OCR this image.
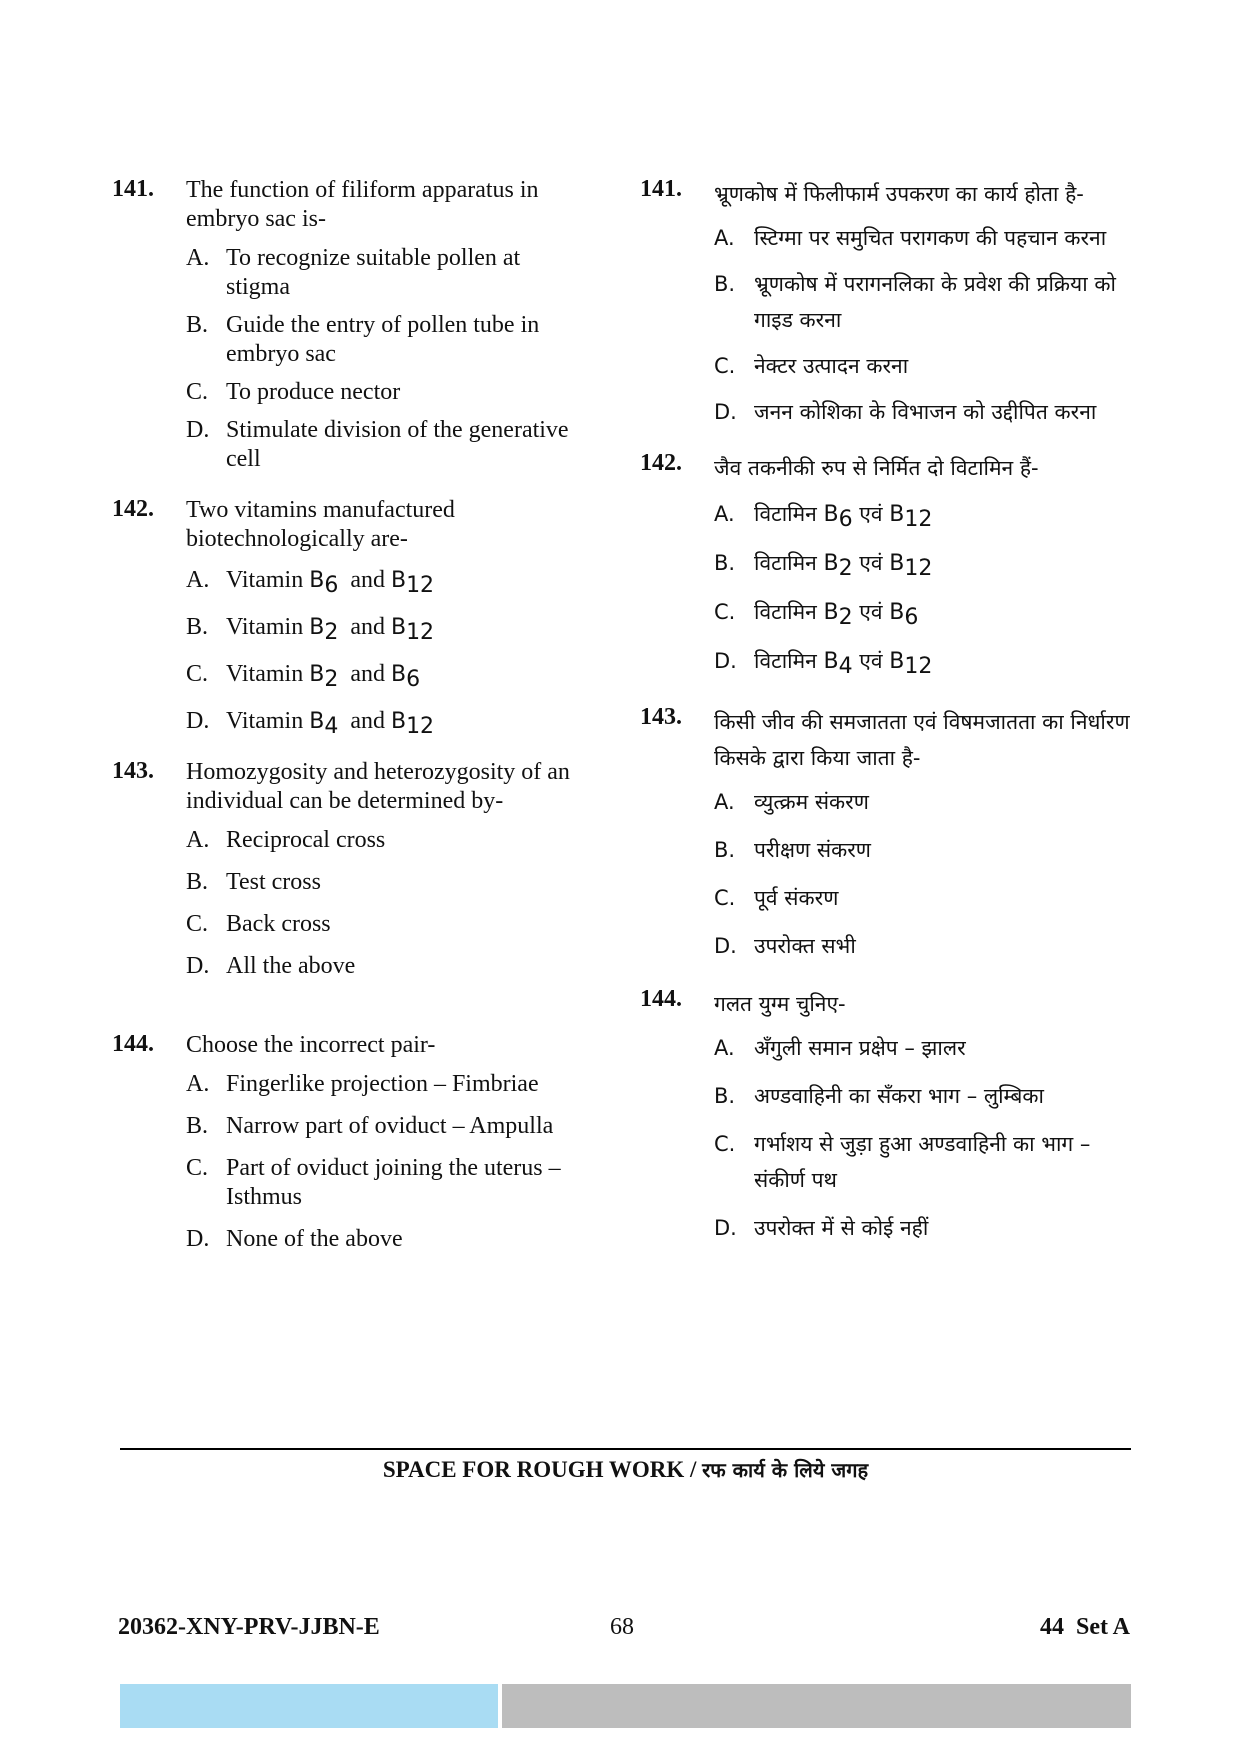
141. The function of filiform apparatus in embryo sac is-
A. To recognize suitable pollen at stigma
B. Guide the entry of pollen tube in embryo sac
C. To produce nector
D. Stimulate division of the generative cell
142. Two vitamins manufactured biotechnologically are-
A. Vitamin $B_6$ and $B_{12}$
B. Vitamin $B_2$ and $B_{12}$
C. Vitamin $B_2$ and $B_6$
D. Vitamin $B_4$ and $B_{12}$
143. Homozygosity and heterozygosity of an individual can be determined by-
A. Reciprocal cross
B. Test cross
C. Back cross
D. All the above
144. Choose the incorrect pair-
A. Fingerlike projection – Fimbriae
B. Narrow part of oviduct – Ampulla
C. Part of oviduct joining the uterus – Isthmus
D. None of the above
141. भ्रूणकोष में फिलीफार्म उपकरण का कार्य होता है-
A. स्टिग्मा पर समुचित परागकण की पहचान करना
B. भ्रूणकोष में परागनलिका के प्रवेश की प्रक्रिया को गाइड करना
C. नेक्टर उत्पादन करना
D. जनन कोशिका के विभाजन को उद्दीपित करना
142. जैव तकनीकी रुप से निर्मित दो विटामिन हैं-
A. विटामिन $B_6$ एवं $B_{12}$
B. विटामिन $B_2$ एवं $B_{12}$
C. विटामिन $B_2$ एवं $B_6$
D. विटामिन $B_4$ एवं $B_{12}$
143. किसी जीव की समजातता एवं विषमजातता का निर्धारण किसके द्वारा किया जाता है-
A. व्युत्क्रम संकरण
B. परीक्षण संकरण
C. पूर्व संकरण
D. उपरोक्त सभी
144. गलत युग्म चुनिए-
A. अँगुली समान प्रक्षेप – झालर
B. अण्डवाहिनी का सँकरा भाग – लुम्बिका
C. गर्भाशय से जुड़ा हुआ अण्डवाहिनी का भाग – संकीर्ण पथ
D. उपरोक्त में से कोई नहीं
SPACE FOR ROUGH WORK / रफ कार्य के लिये जगह
20362-XNY-PRV-JJBN-E	68	44  Set A
